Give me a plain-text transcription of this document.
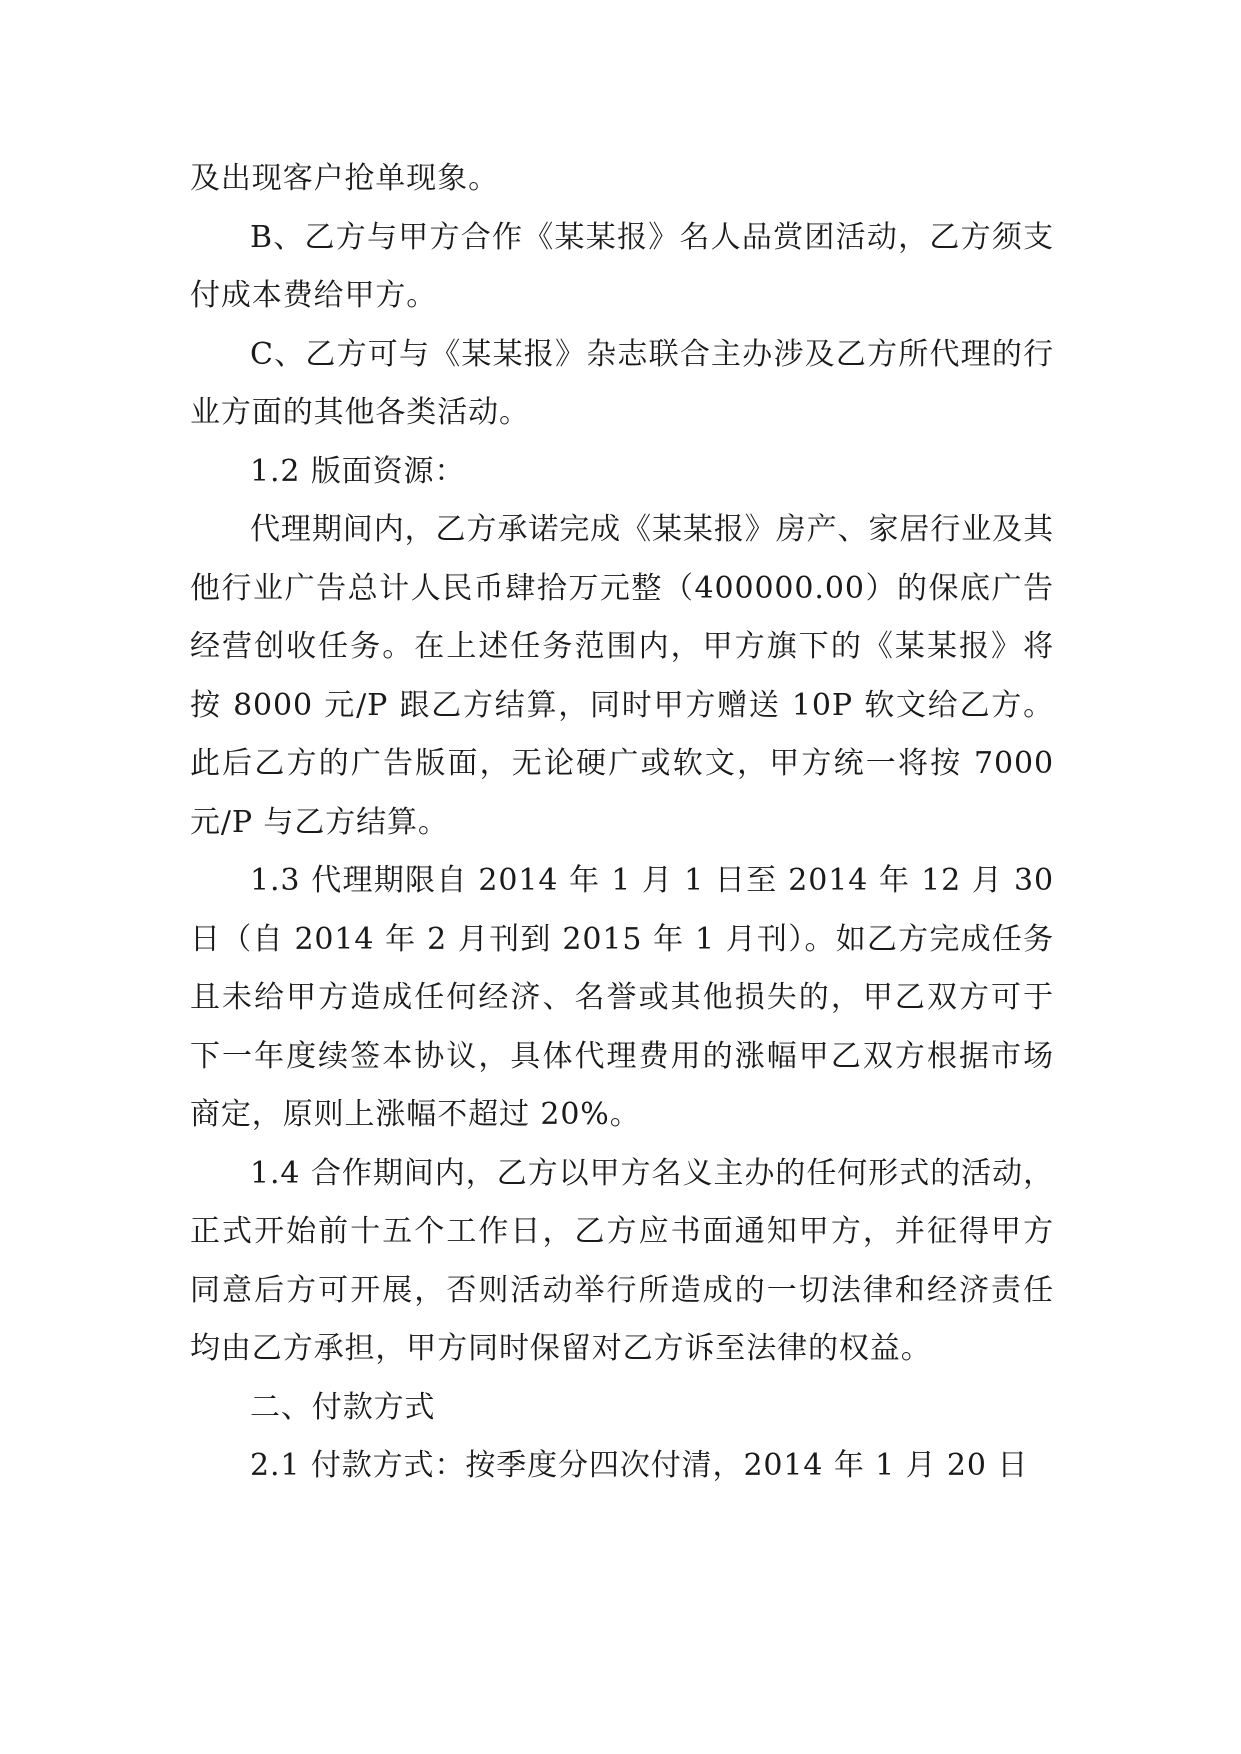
及出现客户抢单现象。

B、乙方与甲方合作《某某报》名人品赏团活动，乙方须支付成本费给甲方。

C、乙方可与《某某报》杂志联合主办涉及乙方所代理的行业方面的其他各类活动。

1.2 版面资源：

代理期间内，乙方承诺完成《某某报》房产、家居行业及其他行业广告总计人民币肆拾万元整（400000.00）的保底广告经营创收任务。在上述任务范围内，甲方旗下的《某某报》将按 8000 元/P 跟乙方结算，同时甲方赠送 10P 软文给乙方。此后乙方的广告版面，无论硬广或软文，甲方统一将按 7000 元/P 与乙方结算。

1.3 代理期限自 2014 年 1 月 1 日至 2014 年 12 月 30 日（自 2014 年 2 月刊到 2015 年 1 月刊）。如乙方完成任务且未给甲方造成任何经济、名誉或其他损失的，甲乙双方可于下一年度续签本协议，具体代理费用的涨幅甲乙双方根据市场商定，原则上涨幅不超过 20%。

1.4 合作期间内，乙方以甲方名义主办的任何形式的活动，正式开始前十五个工作日，乙方应书面通知甲方，并征得甲方同意后方可开展，否则活动举行所造成的一切法律和经济责任均由乙方承担，甲方同时保留对乙方诉至法律的权益。

二、付款方式

2.1 付款方式：按季度分四次付清，2014 年 1 月 20 日
